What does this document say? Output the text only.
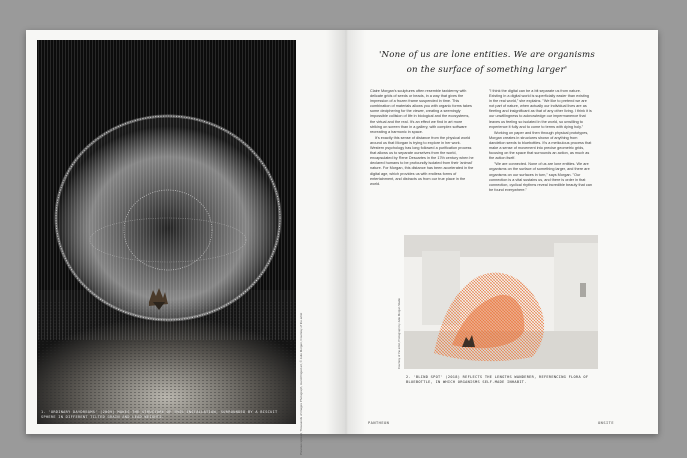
1. 'ORDINARY DAYDREAMS' (2009) MAKES THE STRUCTURE OF THIS INSTALLATION, SURROUNDED BY A BISCUIT SPHERE IN DIFFERENT TILTED GRAIN AND LEAD WEIGHTS.	Previous spread, Thousands of images Photograph, Hard-fringed art, © Julie Morgan, Courtesy of the artist
'None of us are lone entities. We are organisms
on the surface of something larger'

Claire Morgan's sculptures often resemble taxidermy with delicate grids of seeds or beads, in a way that gives the impression of a frozen frame suspended in time. This combination of materials allows you with organic forms takes some deciphering for the viewer, creating a seemingly impossible collision of life in biological and the ecosystems, the virtual and the real. It's an effect we find in art more striking on screen than in a gallery, with complex software recreating a harmonic in space.

It's exactly this sense of distance from the physical world around us that Morgan is trying to explore in her work. Western psychology has long followed a purification process that allows us to separate ourselves from the world, encapsulated by Rene Descartes in the 17th century when he declared humans to be profoundly isolated from their 'animal' nature. For Morgan, this distance has been accelerated in the digital age, which provides us with endless forms of entertainment, and distracts us from our true place in the world.

"I think the digital can be a bit separate us from nature. Existing in a digital world is superficially easier than existing in the real world," she explains. "We like to pretend we are not part of nature, when actually our individual lives are as fleeting and insignificant as that of any other living. I think it is our unwillingness to acknowledge our impermanence that leaves us feeling so isolated in the world, so unwilling to experience it fully and to come to terms with dying holy."

Working on paper and then through physical prototypes, Morgan creates in structures shown of anything from dandelion seeds to bluebottles. It's a meticulous process that make a sense of movement into precise geometric grids, focusing on the space that surrounds an action, as much as the action itself.

"We are connected. None of us are lone entities. We are organisms on the surface of something larger, and there are organisms on our surfaces in turn," says Morgan. "Our connection is a vital sustains us, and there is order in that connection, cyclical rhythms reveal incredible beauty that can be found everywhere."

Courtesy of the artist, Photograph by Julie Morgan Studio
2. 'BLIND SPOT' (2018) REFLECTS THE LENGTHS WANDERER, REFERENCING FLORA OF BLUEBOTTLE, IN WHICH ORGANISMS SELF-MADE INHABIT.
PANTHEON	ONSITE
